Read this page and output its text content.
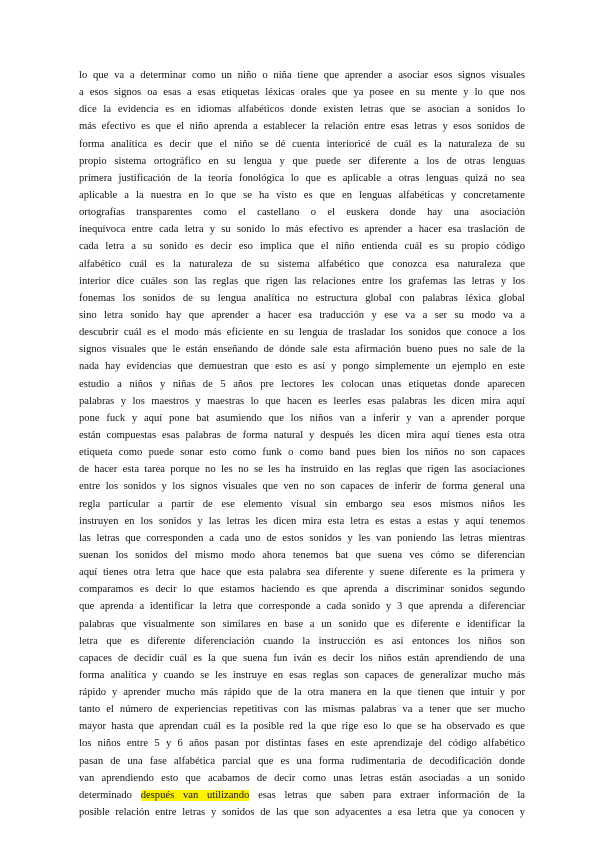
lo que va a determinar como un niño o niña tiene que aprender a asociar esos signos visuales
a esos signos oa esas a esas etiquetas léxicas orales que ya posee en su mente y lo que nos
dice la evidencia es en idiomas alfabéticos donde existen letras que se asocian a sonidos lo
más efectivo es que el niño aprenda a establecer la relación entre esas letras y esos sonidos de
forma analítica es decir que el niño se dé cuenta interioricé de cuál es la naturaleza de su
propio sistema ortográfico en su lengua y que puede ser diferente a los de otras lenguas
primera justificación de la teoría fonológica lo que es aplicable a otras lenguas quizá no sea
aplicable a la nuestra en lo que se ha visto es que en lenguas alfabéticas y concretamente
ortografías transparentes como el castellano o el euskera donde hay una asociación
inequívoca entre cada letra y su sonido lo más efectivo es aprender a hacer esa traslación de
cada letra a su sonido es decir eso implica que el niño entienda cuál es su propio código
alfabético cuál es la naturaleza de su sistema alfabético que conozca esa naturaleza que
interior dice cuáles son las reglas que rigen las relaciones entre los grafemas las letras y los
fonemas los sonidos de su lengua analítica no estructura global con palabras léxica global
sino letra sonido hay que aprender a hacer esa traducción y ese va a ser su modo va a
descubrir cuál es el modo más eficiente en su lengua de trasladar los sonidos que conoce a los
signos visuales que le están enseñando de dónde sale esta afirmación bueno pues no sale de la
nada hay evidencias que demuestran que esto es así y pongo simplemente un ejemplo en este
estudio a niños y niñas de 5 años pre lectores les colocan unas etiquetas donde aparecen
palabras y los maestros y maestras lo que hacen es leerles esas palabras les dicen mira aquí
pone fuck y aquí pone bat asumiendo que los niños van a inferir y van a aprender porque
están compuestas esas palabras de forma natural y después les dicen mira aquí tienes esta otra
etiqueta como puede sonar esto como funk o como band pues bien los niños no son capaces
de hacer esta tarea porque no les no se les ha instruido en las reglas que rigen las asociaciones
entre los sonidos y los signos visuales que ven no son capaces de inferir de forma general una
regla particular a partir de ese elemento visual sin embargo sea esos mismos niños les
instruyen en los sonidos y las letras les dicen mira esta letra es estas a estas y aquí tenemos
las letras que corresponden a cada uno de estos sonidos y les van poniendo las letras mientras
suenan los sonidos del mismo modo ahora tenemos bat que suena ves cómo se diferencian
aquí tienes otra letra que hace que esta palabra sea diferente y suene diferente es la primera y
comparamos es decir lo que estamos haciendo es que aprenda a discriminar sonidos segundo
que aprenda a identificar la letra que corresponde a cada sonido y 3 que aprenda a diferenciar
palabras que visualmente son similares en base a un sonido que es diferente e identificar la
letra que es diferente diferenciación cuando la instrucción es así entonces los niños son
capaces de decidir cuál es la que suena fun iván es decir los niños están aprendiendo de una
forma analítica y cuando se les instruye en esas reglas son capaces de generalizar mucho más
rápido y aprender mucho más rápido que de la otra manera en la que tienen que intuir y por
tanto el número de experiencias repetitivas con las mismas palabras va a tener que ser mucho
mayor hasta que aprendan cuál es la posible red la que rige eso lo que se ha observado es que
los niños entre 5 y 6 años pasan por distintas fases en este aprendizaje del código alfabético
pasan de una fase alfabética parcial que es una forma rudimentaria de decodificación donde
van aprendiendo esto que acabamos de decir como unas letras están asociadas a un sonido
determinado después van utilizando esas letras que saben para extraer información de la
posible relación entre letras y sonidos de las que son adyacentes a esa letra que ya conocen y
